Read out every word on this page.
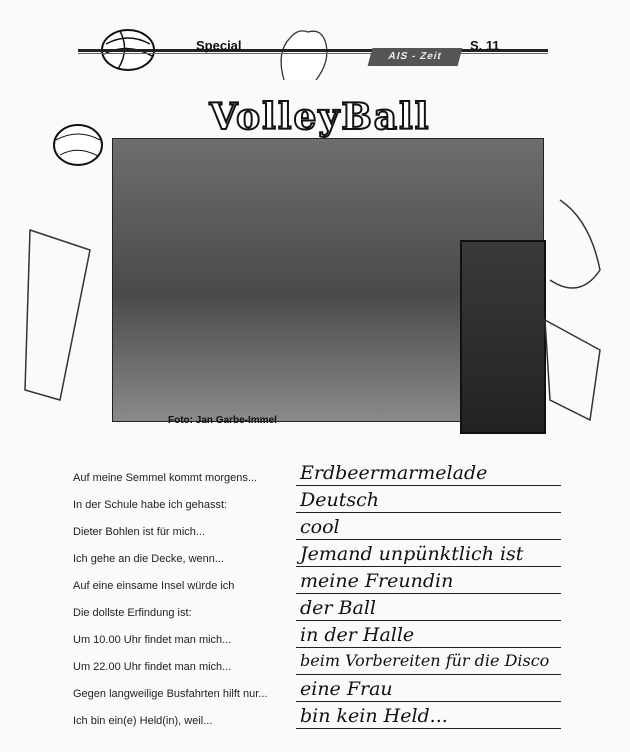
Special
AIS - Zeit
S. 11
VolleyBall
Foto: Jan Garbe-Immel
Auf meine Semmel kommt morgens... Erdbeermarmelade
In der Schule habe ich gehasst:	Deutsch
Dieter Bohlen ist für mich...	cool
Ich gehe an die Decke, wenn...	Jemand unpünktlich ist
Auf eine einsame Insel würde ich	meine Freundin
Die dollste Erfindung ist:	der Ball
Um 10.00 Uhr findet man mich...	in der Halle
Um 22.00 Uhr findet man mich...	beim Vorbereiten für die Disco
Gegen langweilige Busfahrten hilft nur... eine Frau
Ich bin ein(e) Held(in), weil...	bin kein Held...
